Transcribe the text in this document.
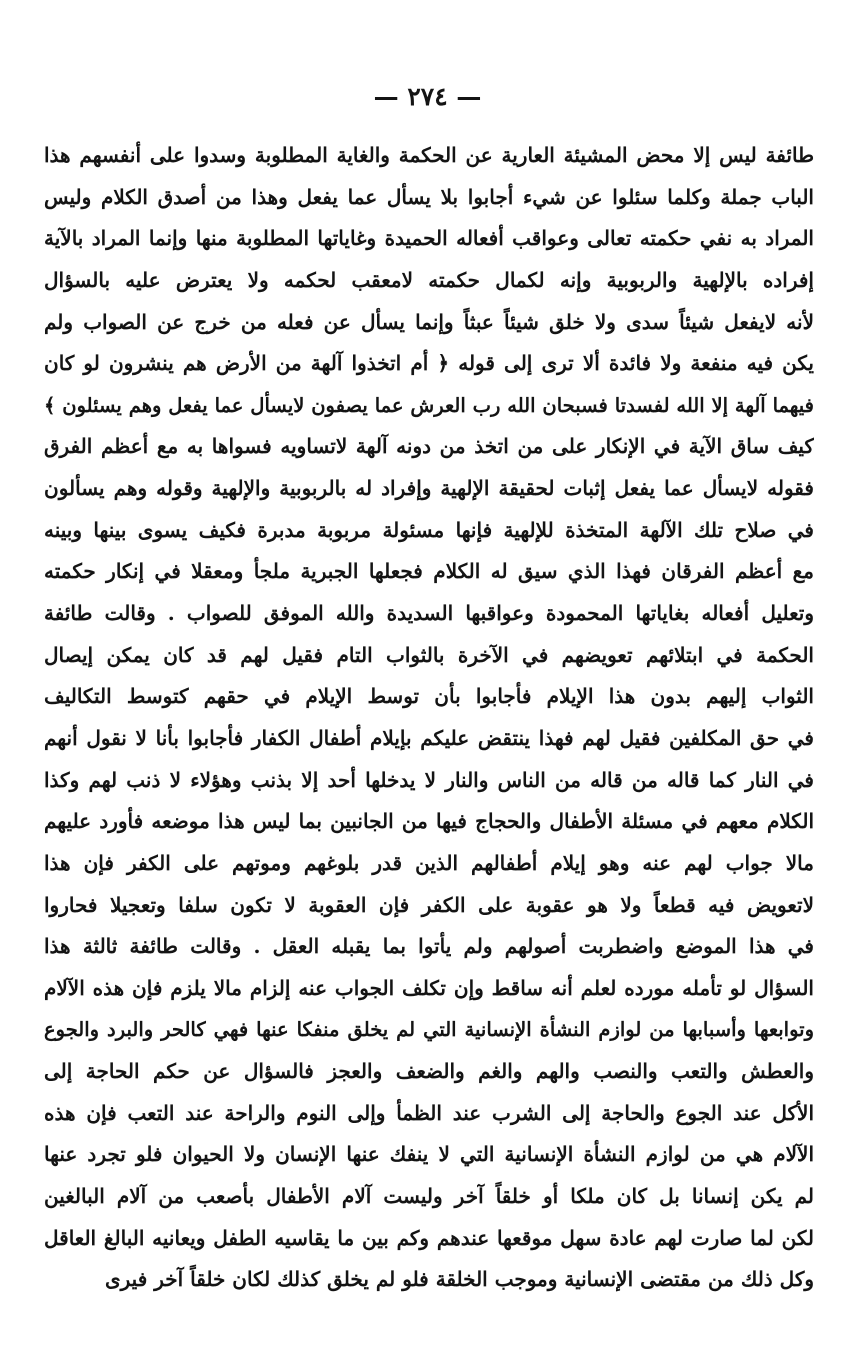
— ٢٧٤ —
طائفة ليس إلا محض المشيئة العارية عن الحكمة والغاية المطلوبة وسدوا على أنفسهم هذا
الباب جملة وكلما سئلوا عن شيء أجابوا بلا يسأل عما يفعل وهذا من أصدق الكلام وليس
المراد به نفي حكمته تعالى وعواقب أفعاله الحميدة وغاياتها المطلوبة منها وإنما المراد بالآية
إفراده بالإلهية والربوبية وإنه لكمال حكمته لامعقب لحكمه ولا يعترض عليه بالسؤال
لأنه لايفعل شيئاً سدى ولا خلق شيئاً عبثاً وإنما يسأل عن فعله من خرج عن الصواب ولم
يكن فيه منفعة ولا فائدة ألا ترى إلى قوله ﴿ أم اتخذوا آلهة من الأرض هم ينشرون لو كان
فيهما آلهة إلا الله لفسدتا فسبحان الله رب العرش عما يصفون لايسأل عما يفعل وهم يسئلون ﴾
كيف ساق الآية في الإنكار على من اتخذ من دونه آلهة لاتساويه فسواها به مع أعظم الفرق
فقوله لايسأل عما يفعل إثبات لحقيقة الإلهية وإفراد له بالربوبية والإلهية وقوله وهم يسألون
في صلاح تلك الآلهة المتخذة للإلهية فإنها مسئولة مربوبة مدبرة فكيف يسوى بينها وبينه
مع أعظم الفرقان فهذا الذي سيق له الكلام فجعلها الجبرية ملجأ ومعقلا في إنكار حكمته
وتعليل أفعاله بغاياتها المحمودة وعواقبها السديدة والله الموفق للصواب . وقالت طائفة
الحكمة في ابتلائهم تعويضهم في الآخرة بالثواب التام فقيل لهم قد كان يمكن إيصال
الثواب إليهم بدون هذا الإيلام فأجابوا بأن توسط الإيلام في حقهم كتوسط التكاليف
في حق المكلفين فقيل لهم فهذا ينتقض عليكم بإيلام أطفال الكفار فأجابوا بأنا لا نقول أنهم
في النار كما قاله من قاله من الناس والنار لا يدخلها أحد إلا بذنب وهؤلاء لا ذنب لهم وكذا
الكلام معهم في مسئلة الأطفال والحجاج فيها من الجانبين بما ليس هذا موضعه فأورد عليهم
مالا جواب لهم عنه وهو إيلام أطفالهم الذين قدر بلوغهم وموتهم على الكفر فإن هذا
لاتعويض فيه قطعاً ولا هو عقوبة على الكفر فإن العقوبة لا تكون سلفا وتعجيلا فحاروا
في هذا الموضع واضطربت أصولهم ولم يأتوا بما يقبله العقل . وقالت طائفة ثالثة هذا
السؤال لو تأمله مورده لعلم أنه ساقط وإن تكلف الجواب عنه إلزام مالا يلزم فإن هذه الآلام
وتوابعها وأسبابها من لوازم النشأة الإنسانية التي لم يخلق منفكا عنها فهي كالحر والبرد والجوع
والعطش والتعب والنصب والهم والغم والضعف والعجز فالسؤال عن حكم الحاجة إلى
الأكل عند الجوع والحاجة إلى الشرب عند الظمأ وإلى النوم والراحة عند التعب فإن هذه
الآلام هي من لوازم النشأة الإنسانية التي لا ينفك عنها الإنسان ولا الحيوان فلو تجرد عنها
لم يكن إنسانا بل كان ملكا أو خلقاً آخر وليست آلام الأطفال بأصعب من آلام البالغين
لكن لما صارت لهم عادة سهل موقعها عندهم وكم بين ما يقاسيه الطفل ويعانيه البالغ العاقل
وكل ذلك من مقتضى الإنسانية وموجب الخلقة فلو لم يخلق كذلك لكان خلقاً آخر فيرى
